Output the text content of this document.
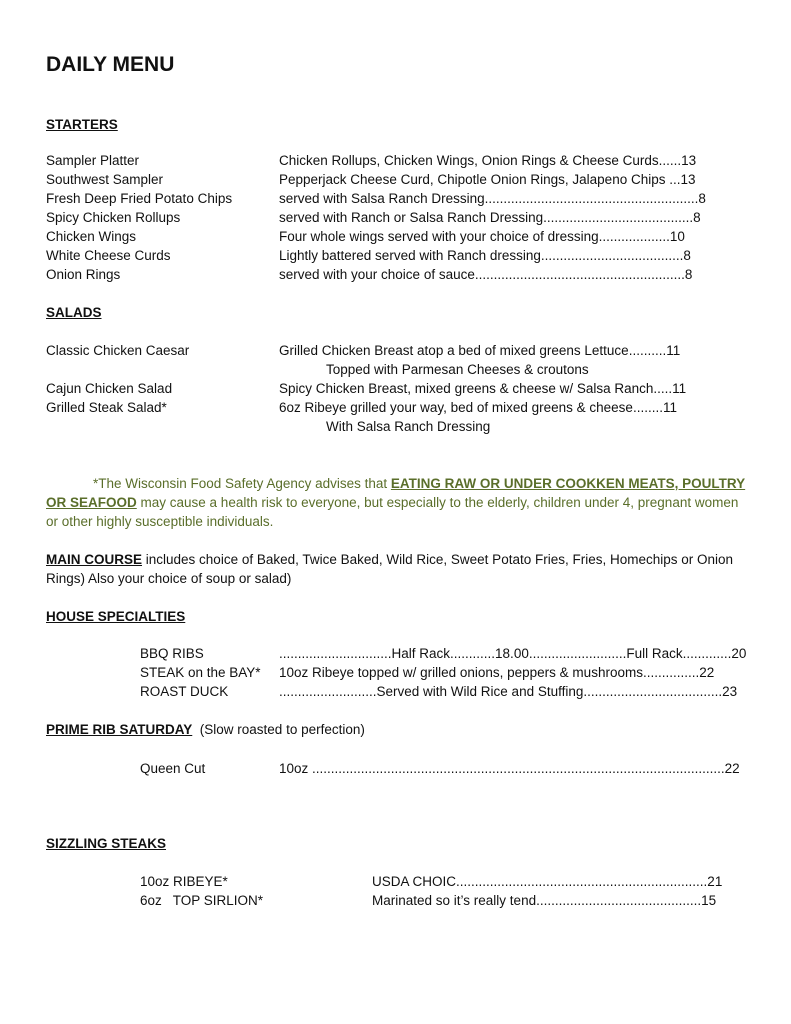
DAILY MENU
STARTERS
Sampler Platter	Chicken Rollups, Chicken Wings, Onion Rings & Cheese Curds......13
Southwest Sampler	Pepperjack Cheese Curd, Chipotle Onion Rings, Jalapeno Chips ...13
Fresh Deep Fried Potato Chips	served with Salsa Ranch Dressing.........................................................8
Spicy Chicken Rollups	served with Ranch or Salsa Ranch Dressing........................................8
Chicken Wings	Four whole wings served with your choice of dressing...................10
White Cheese Curds	Lightly battered served with Ranch dressing......................................8
Onion Rings	served with your choice of sauce........................................................8
SALADS
Classic Chicken Caesar	Grilled Chicken Breast atop a bed of mixed greens Lettuce..........11
Topped with Parmesan Cheeses & croutons
Cajun Chicken Salad	Spicy Chicken Breast, mixed greens & cheese w/ Salsa Ranch.....11
Grilled Steak Salad*	6oz Ribeye grilled your way, bed of mixed greens & cheese........11
With Salsa Ranch Dressing
*The Wisconsin Food Safety Agency advises that EATING RAW OR UNDER COOKKEN MEATS, POULTRY OR SEAFOOD may cause a health risk to everyone, but especially to the elderly, children under 4, pregnant women or other highly susceptible individuals.
MAIN COURSE includes choice of Baked, Twice Baked, Wild Rice, Sweet Potato Fries, Fries, Homechips or Onion Rings) Also your choice of soup or salad)
HOUSE SPECIALTIES
BBQ RIBS	..............................Half Rack............18.00..........................Full Rack.............20
STEAK on the BAY* 10oz Ribeye topped w/ grilled onions, peppers & mushrooms...............22
ROAST DUCK	..........................Served with Wild Rice and Stuffing.....................................23
PRIME RIB SATURDAY (Slow roasted to perfection)
Queen Cut	10oz ..............................................................................................................22
SIZZLING STEAKS
10oz RIBEYE*	USDA CHOIC...................................................................21
6oz   TOP SIRLION*	Marinated so it’s really tend............................................15
